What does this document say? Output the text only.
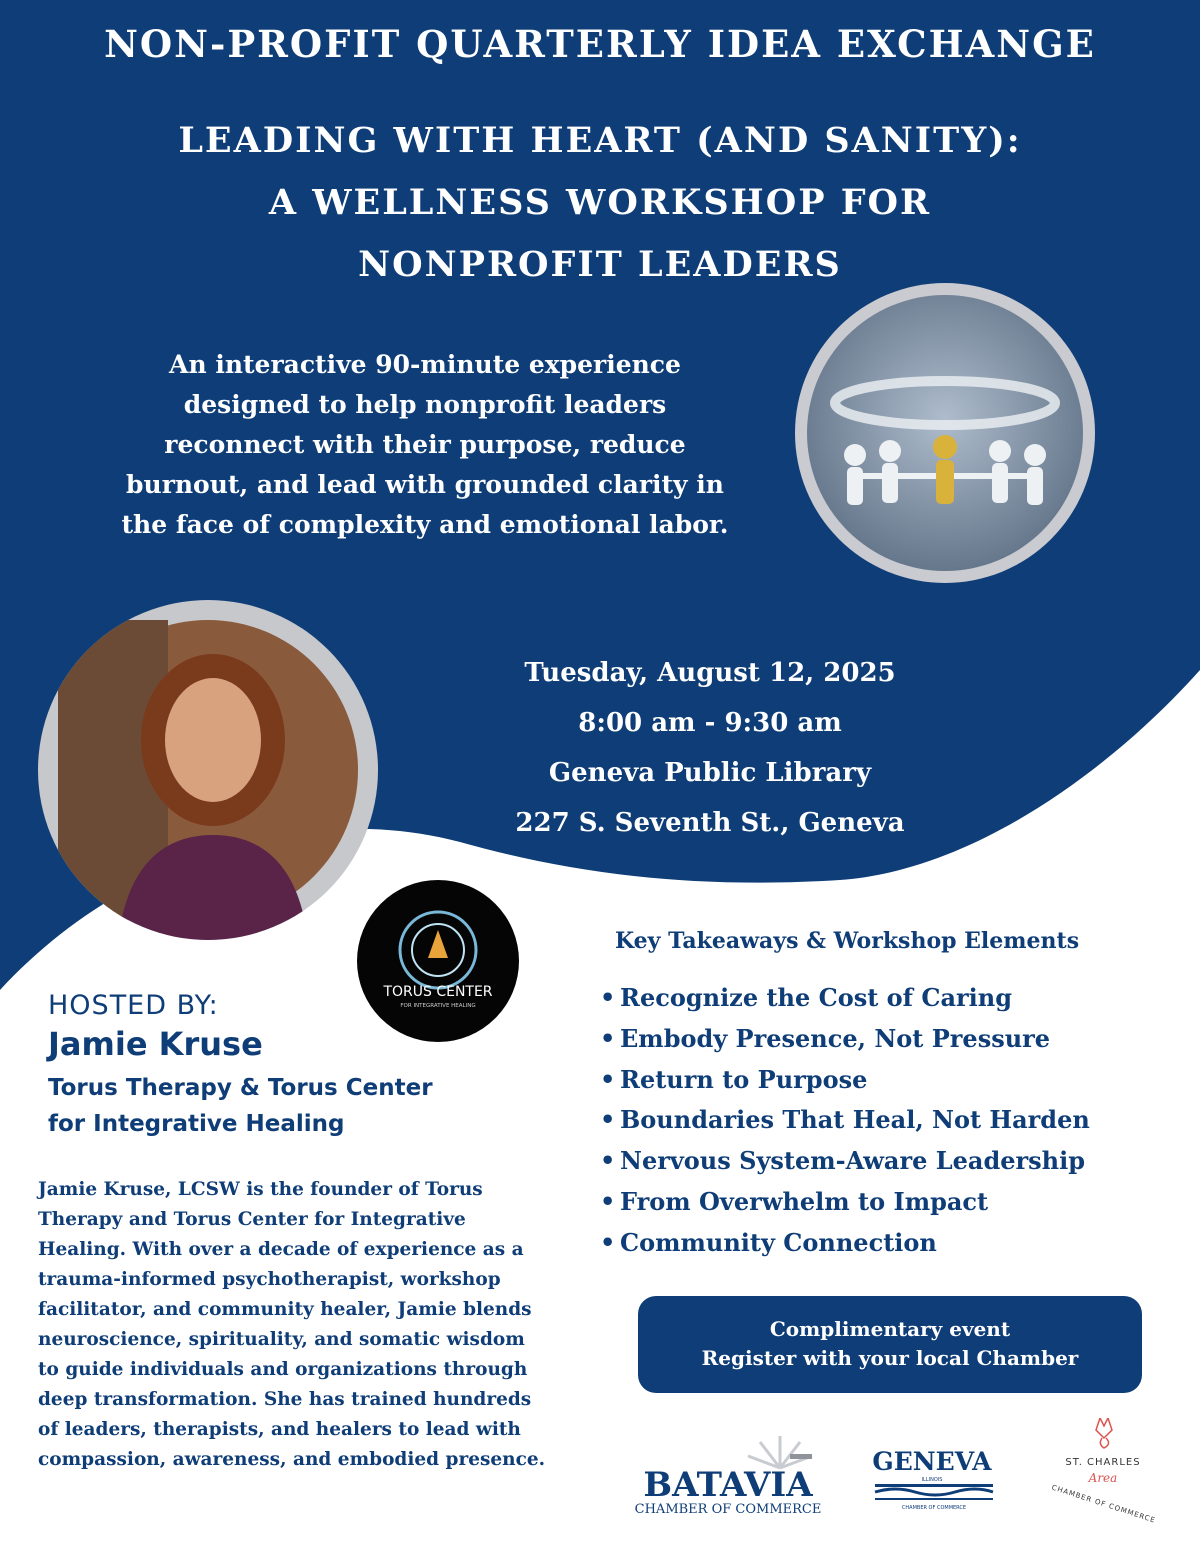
NON-PROFIT QUARTERLY IDEA EXCHANGE
LEADING WITH HEART (AND SANITY):
A WELLNESS WORKSHOP FOR
NONPROFIT LEADERS
An interactive 90-minute experience
designed to help nonprofit leaders
reconnect with their purpose, reduce
burnout, and lead with grounded clarity in
the face of complexity and emotional labor.
TORUS CENTER
FOR INTEGRATIVE HEALING
Tuesday, August 12, 2025
8:00 am - 9:30 am
Geneva Public Library
227 S. Seventh St., Geneva
HOSTED BY:
Jamie Kruse
Torus Therapy & Torus Center
for Integrative Healing
Jamie Kruse, LCSW is the founder of Torus
Therapy and Torus Center for Integrative
Healing. With over a decade of experience as a
trauma-informed psychotherapist, workshop
facilitator, and community healer, Jamie blends
neuroscience, spirituality, and somatic wisdom
to guide individuals and organizations through
deep transformation. She has trained hundreds
of leaders, therapists, and healers to lead with
compassion, awareness, and embodied presence.
Key Takeaways & Workshop Elements
• Recognize the Cost of Caring
• Embody Presence, Not Pressure
• Return to Purpose
• Boundaries That Heal, Not Harden
• Nervous System-Aware Leadership
• From Overwhelm to Impact
• Community Connection
Complimentary event
Register with your local Chamber
BATAVIA
CHAMBER OF COMMERCE
GENEVA
ILLINOIS
CHAMBER OF COMMERCE
ST. CHARLES
Area
CHAMBER OF COMMERCE
